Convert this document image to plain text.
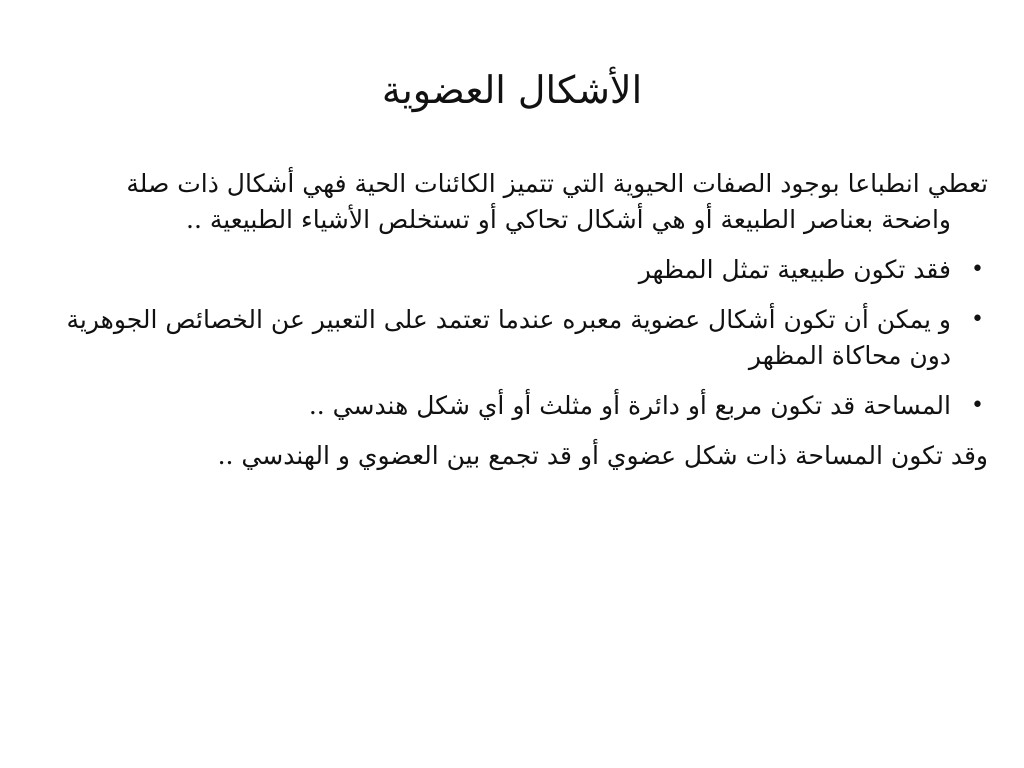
الأشكال العضوية

تعطي انطباعا بوجود الصفات الحيوية التي تتميز الكائنات الحية فهي أشكال ذات صلة
واضحة بعناصر الطبيعة أو هي أشكال تحاكي أو تستخلص الأشياء الطبيعية ..

•
فقد تكون طبيعية تمثل المظهر
•
و يمكن أن تكون أشكال عضوية معبره عندما تعتمد على التعبير عن الخصائص الجوهرية دون محاكاة المظهر
•
المساحة قد تكون مربع أو دائرة أو مثلث أو أي شكل هندسي ..

وقد تكون المساحة ذات شكل عضوي أو قد تجمع بين العضوي و الهندسي ..
